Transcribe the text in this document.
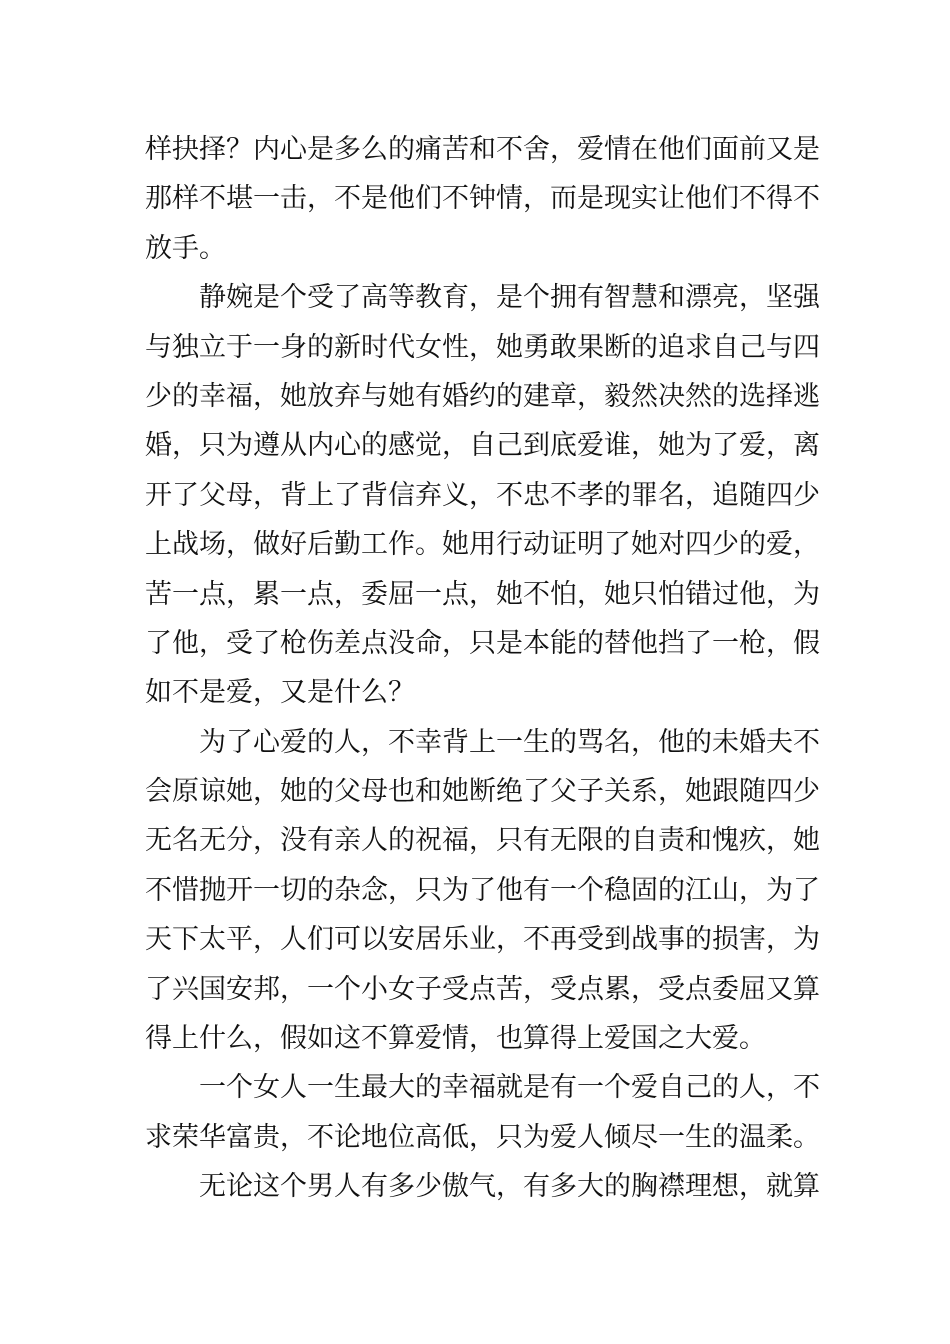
样抉择？内心是多么的痛苦和不舍，爱情在他们面前又是
那样不堪一击，不是他们不钟情，而是现实让他们不得不
放手。
静婉是个受了高等教育，是个拥有智慧和漂亮，坚强
与独立于一身的新时代女性，她勇敢果断的追求自己与四
少的幸福，她放弃与她有婚约的建章，毅然决然的选择逃
婚，只为遵从内心的感觉，自己到底爱谁，她为了爱，离
开了父母，背上了背信弃义，不忠不孝的罪名，追随四少
上战场，做好后勤工作。她用行动证明了她对四少的爱，
苦一点，累一点，委屈一点，她不怕，她只怕错过他，为
了他，受了枪伤差点没命，只是本能的替他挡了一枪，假
如不是爱，又是什么？
为了心爱的人，不幸背上一生的骂名，他的未婚夫不
会原谅她，她的父母也和她断绝了父子关系，她跟随四少
无名无分，没有亲人的祝福，只有无限的自责和愧疚，她
不惜抛开一切的杂念，只为了他有一个稳固的江山，为了
天下太平，人们可以安居乐业，不再受到战事的损害，为
了兴国安邦，一个小女子受点苦，受点累，受点委屈又算
得上什么，假如这不算爱情，也算得上爱国之大爱。
一个女人一生最大的幸福就是有一个爱自己的人，不
求荣华富贵，不论地位高低，只为爱人倾尽一生的温柔。
无论这个男人有多少傲气，有多大的胸襟理想，就算
